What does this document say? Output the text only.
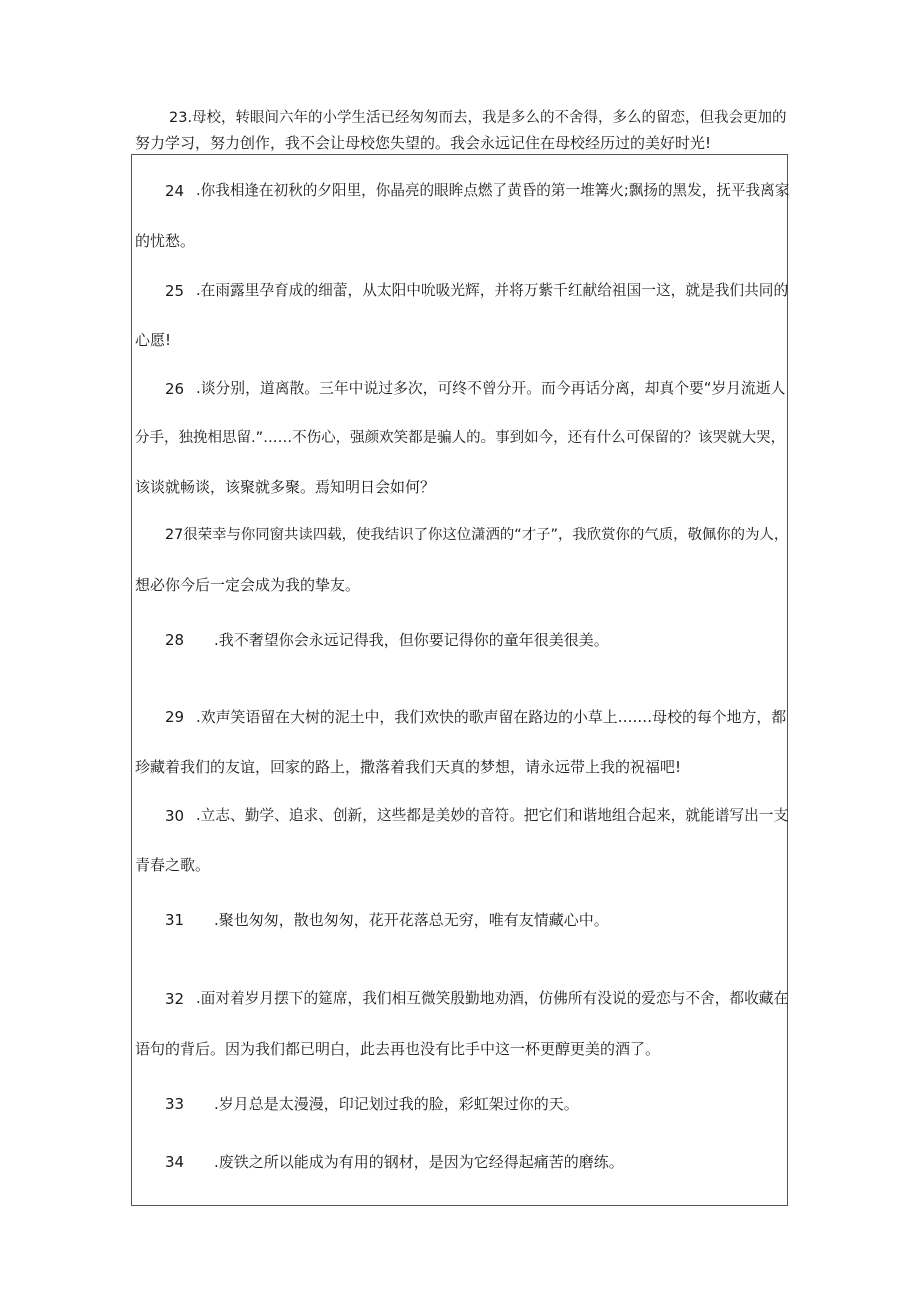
23.母校，转眼间六年的小学生活已经匆匆而去，我是多么的不舍得，多么的留恋，但我会更加的
努力学习，努力创作，我不会让母校您失望的。我会永远记住在母校经历过的美好时光!
24 .你我相逢在初秋的夕阳里，你晶亮的眼眸点燃了黄昏的第一堆篝火;飘扬的黑发，抚平我离家
的忧愁。
25 .在雨露里孕育成的细蕾，从太阳中吮吸光辉，并将万紫千红献给祖国一这，就是我们共同的
心愿!
26 .谈分别，道离散。三年中说过多次，可终不曾分开。而今再话分离，却真个要“岁月流逝人
分手，独挽相思留.”……不伤心，强颜欢笑都是骗人的。事到如今，还有什么可保留的？该哭就大哭，
该谈就畅谈，该聚就多聚。焉知明日会如何？
27很荣幸与你同窗共读四载，使我结识了你这位潇洒的“才子”，我欣赏你的气质，敬佩你的为人，
想必你今后一定会成为我的挚友。
28 .我不奢望你会永远记得我，但你要记得你的童年很美很美。
29 .欢声笑语留在大树的泥土中，我们欢快的歌声留在路边的小草上….…母校的每个地方，都
珍藏着我们的友谊，回家的路上，撒落着我们天真的梦想，请永远带上我的祝福吧!
30 .立志、勤学、追求、创新，这些都是美妙的音符。把它们和谐地组合起来，就能谱写出一支
青春之歌。
31 .聚也匆匆，散也匆匆，花开花落总无穷，唯有友情藏心中。
32 .面对着岁月摆下的筵席，我们相互微笑殷勤地劝酒，仿佛所有没说的爱恋与不舍，都收藏在
语句的背后。因为我们都已明白，此去再也没有比手中这一杯更醇更美的酒了。
33 .岁月总是太漫漫，印记划过我的脸，彩虹架过你的天。
34 .废铁之所以能成为有用的钢材，是因为它经得起痛苦的磨练。
